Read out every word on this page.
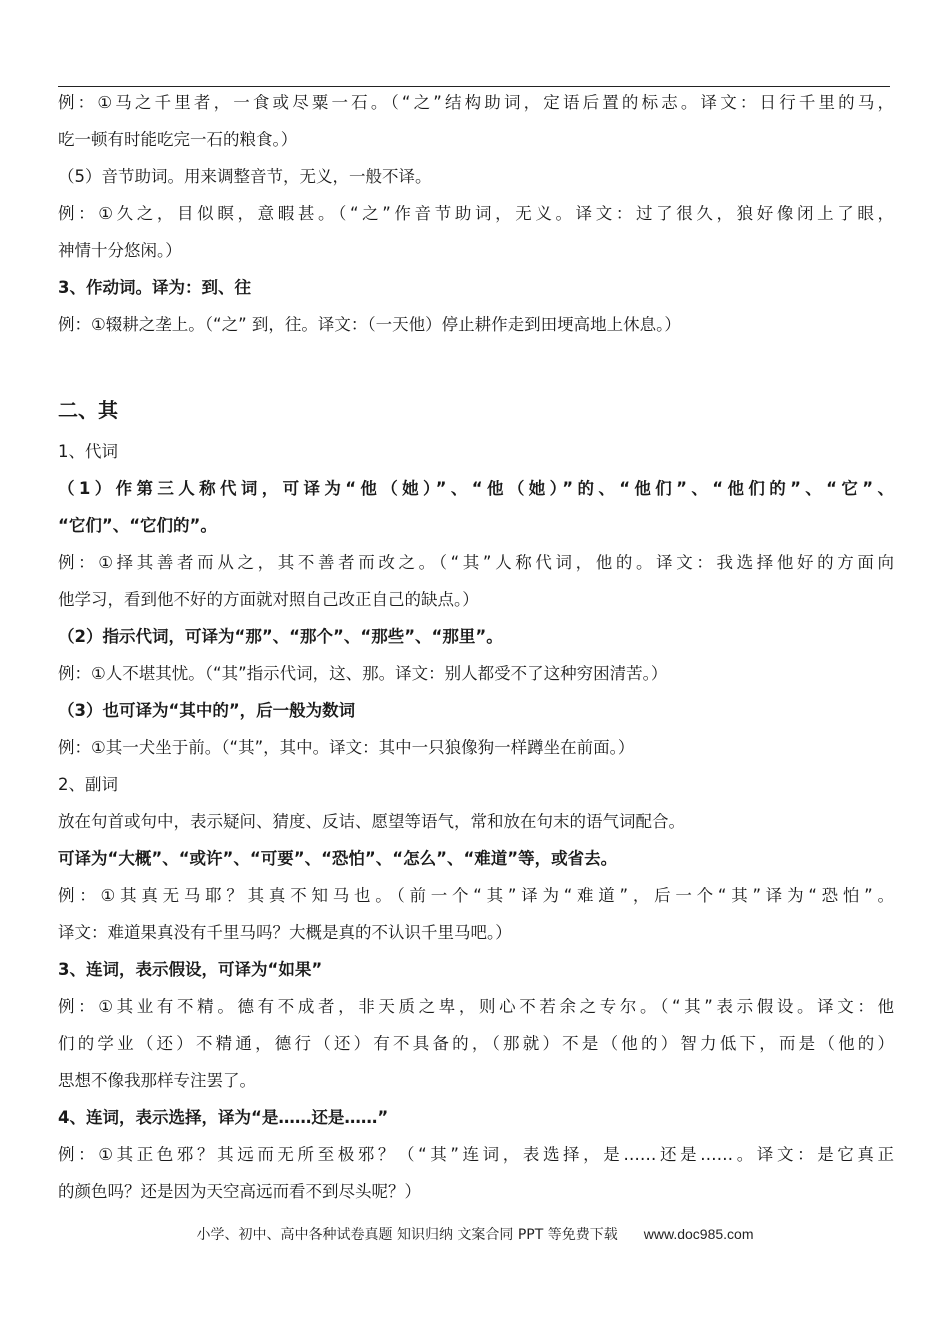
例：①马之千里者，一食或尽粟一石。（“之”结构助词，定语后置的标志。译文：日行千里的马，
吃一顿有时能吃完一石的粮食。）
（5）音节助词。用来调整音节，无义，一般不译。
例：①久之，目似瞑，意暇甚。（“之”作音节助词，无义。译文：过了很久，狼好像闭上了眼，
神情十分悠闲。）
3、作动词。译为：到、往
例：①辍耕之垄上。（“之” 到，往。译文：（一天他）停止耕作走到田埂高地上休息。）
二、其
1、代词
（1）作第三人称代词，可译为“他（她）”、“他（她）”的、“他们”、“他们的”、“它”、
“它们”、“它们的”。
例：①择其善者而从之，其不善者而改之。（“其”人称代词，他的。译文：我选择他好的方面向
他学习，看到他不好的方面就对照自己改正自己的缺点。）
（2）指示代词，可译为“那”、“那个”、“那些”、“那里”。
例：①人不堪其忧。（“其”指示代词，这、那。译文：别人都受不了这种穷困清苦。）
（3）也可译为“其中的”，后一般为数词
例：①其一犬坐于前。（“其”，其中。译文：其中一只狼像狗一样蹲坐在前面。）
2、副词
放在句首或句中，表示疑问、猜度、反诘、愿望等语气，常和放在句末的语气词配合。
可译为“大概”、“或许”、“可要”、“恐怕”、“怎么”、“难道”等，或省去。
例：①其真无马耶？其真不知马也。（前一个“其”译为“难道”，后一个“其”译为“恐怕”。
译文：难道果真没有千里马吗？大概是真的不认识千里马吧。）
3、连词，表示假设，可译为“如果”
例：①其业有不精。德有不成者，非天质之卑，则心不若余之专尔。（“其”表示假设。译文：他
们的学业（还）不精通，德行（还）有不具备的，（那就）不是（他的）智力低下，而是（他的）
思想不像我那样专注罢了。
4、连词，表示选择，译为“是……还是……”
例：①其正色邪？其远而无所至极邪？（“其”连词，表选择，是……还是……。译文：是它真正
的颜色吗？还是因为天空高远而看不到尽头呢？）
小学、初中、高中各种试卷真题 知识归纳 文案合同 PPT 等免费下载 www.doc985.com
